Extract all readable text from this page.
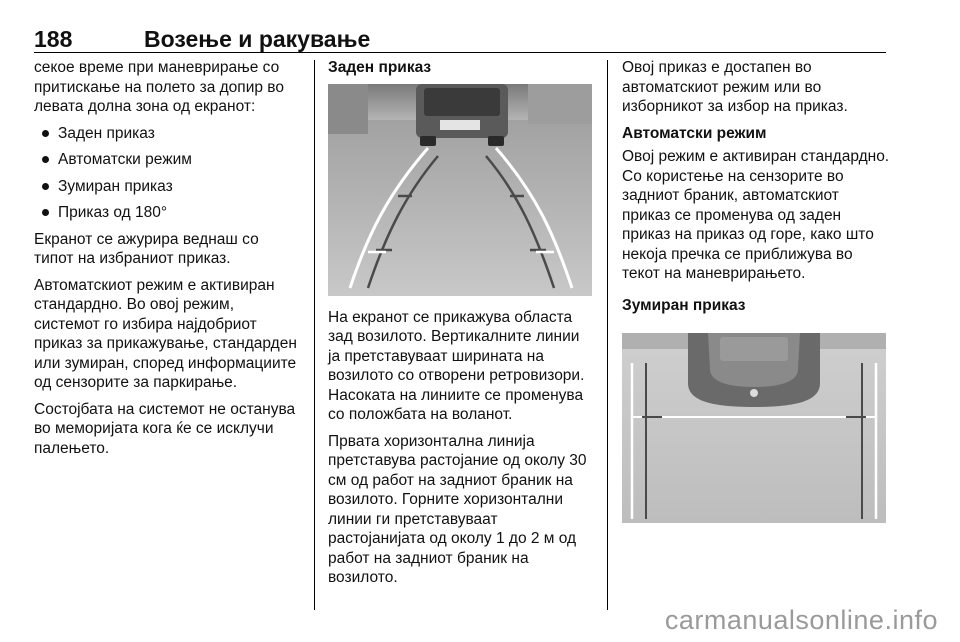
188	Возење и ракување

секое време при маневрирање со притискање на полето за допир во левата долна зона од екранот:

Заден приказ
Автоматски режим
Зумиран приказ
Приказ од 180°

Екранот се ажурира веднаш со типот на избраниот приказ.

Автоматскиот режим е активиран стандардно. Во овој режим, системот го избира најдобриот приказ за прикажување, стандарден или зумиран, според информациите од сензорите за паркирање.

Состојбата на системот не останува во меморијата кога ќе се исклучи палењето.

Заден приказ

На екранот се прикажува областа зад возилото. Вертикалните линии ја претставуваат ширината на возилото со отворени ретровизори. Насоката на линиите се променува со положбата на воланот.

Првата хоризонтална линија претставува растојание од околу 30 см од работ на задниот браник на возилото. Горните хоризонтални линии ги претставуваат растојанијата од околу 1 до 2 м од работ на задниот браник на возилото.

Овој приказ е достапен во автоматскиот режим или во изборникот за избор на приказ.

Автоматски режим

Овој режим е активиран стандардно. Со користење на сензорите во задниот браник, автоматскиот приказ се променува од заден приказ на приказ од горе, како што некоја пречка се приближува во текот на маневрирањето.

Зумиран приказ
carmanualsonline.info
